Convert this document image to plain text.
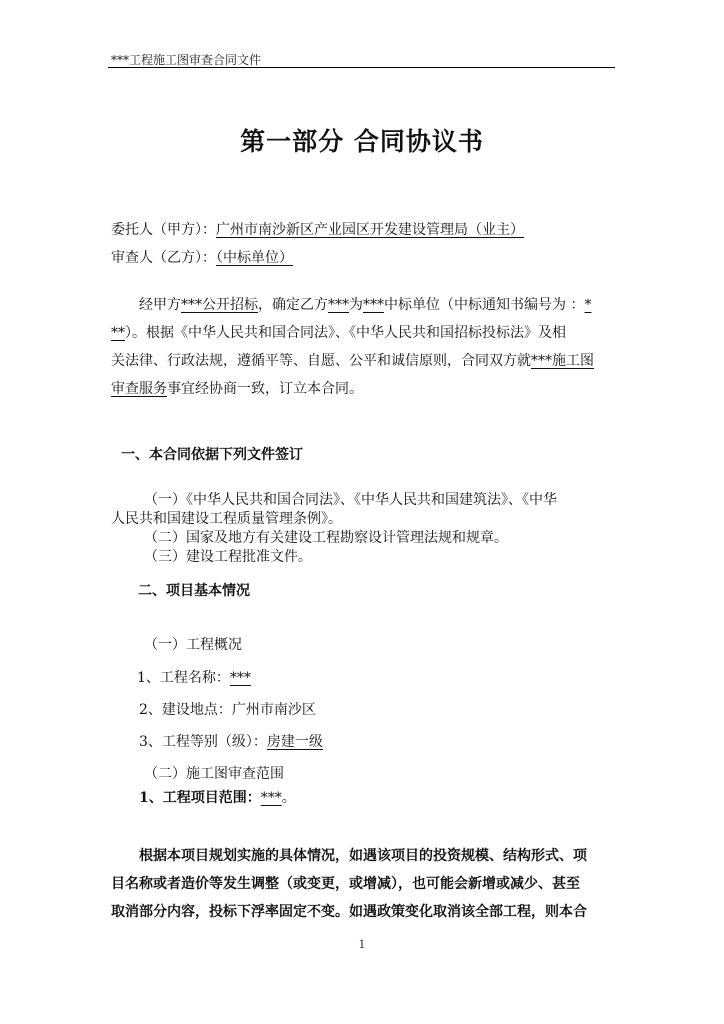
***工程施工图审查合同文件
第一部分 合同协议书
委托人（甲方）：广州市南沙新区产业园区开发建设管理局（业主）
审查人（乙方）：（中标单位）
经甲方***公开招标，确定乙方***为***中标单位（中标通知书编号为 ：*
**）。根据《中华人民共和国合同法》、《中华人民共和国招标投标法》及相
关法律、行政法规，遵循平等、自愿、公平和诚信原则，合同双方就***施工图
审查服务事宜经协商一致，订立本合同。
一、本合同依据下列文件签订
（一）《中华人民共和国合同法》、《中华人民共和国建筑法》、《中华
人民共和国建设工程质量管理条例》。
（二）国家及地方有关建设工程勘察设计管理法规和规章。
（三）建设工程批准文件。
二、项目基本情况
（一）工程概况
1、工程名称：***
2、建设地点：广州市南沙区
3、工程等别（级）：房建一级
（二）施工图审查范围
1、工程项目范围：***。
根据本项目规划实施的具体情况，如遇该项目的投资规模、结构形式、项
目名称或者造价等发生调整（或变更，或增减），也可能会新增或减少、甚至
取消部分内容，投标下浮率固定不变。如遇政策变化取消该全部工程，则本合
1
